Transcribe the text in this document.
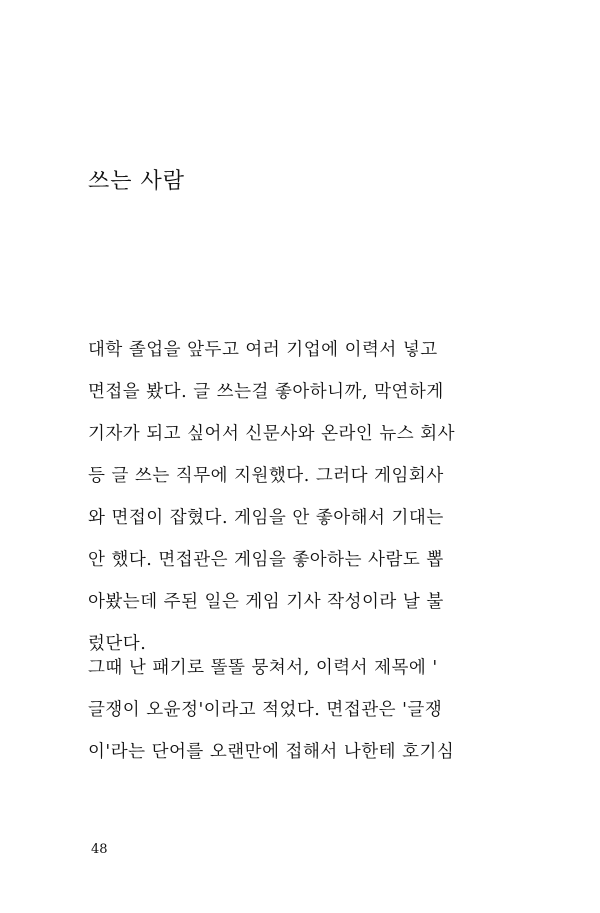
쓰는 사람
대학 졸업을 앞두고 여러 기업에 이력서 넣고
면접을 봤다. 글 쓰는걸 좋아하니까, 막연하게
기자가 되고 싶어서 신문사와 온라인 뉴스 회사
등 글 쓰는 직무에 지원했다. 그러다 게임회사
와 면접이 잡혔다. 게임을 안 좋아해서 기대는
안 했다. 면접관은 게임을 좋아하는 사람도 뽑
아봤는데 주된 일은 게임 기사 작성이라 날 불
렀단다.
그때 난 패기로 똘똘 뭉쳐서, 이력서 제목에 '
글쟁이 오윤정'이라고 적었다. 면접관은 '글쟁
이'라는 단어를 오랜만에 접해서 나한테 호기심

48
